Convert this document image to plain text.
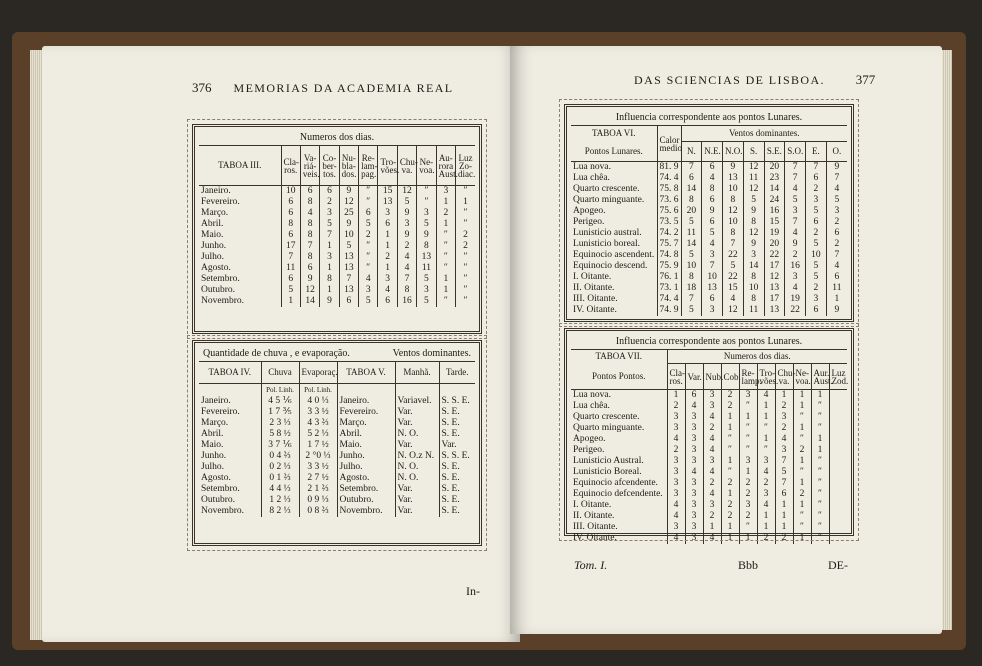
376 MEMORIAS DA ACADEMIA REAL
Numeros dos dias.
TABOA III.	Cla- ros.	Va- riá- veis.	Co- ber- tos.	Nu- bla- dos.	Re- lam- pag.	Tro- vões.	Chu- va.	Ne- voa.	Au- rora Aust.	Luz Zo- diac.
Janeiro.	10	6	6	9	″	15	12	″	3	″
Fevereiro.	6	8	2	12	″	13	5	″	1	1
Março.	6	4	3	25	6	3	9	3	2	″
Abril.	8	8	5	9	5	6	3	5	1	″
Maio.	6	8	7	10	2	1	9	9	″	2
Junho.	17	7	1	5	″	1	2	8	″	2
Julho.	7	8	3	13	″	2	4	13	″	″
Agosto.	11	6	1	13	″	1	4	11	″	″
Setembro.	6	9	8	7	4	3	7	5	1	″
Outubro.	5	12	1	13	3	4	8	3	1	″
Novembro.	1	14	9	6	5	6	16	5	″	″
Quantidade de chuva , e evaporação.	Ventos dominantes.
TABOA IV.	Chuva	Evaporaç.	TABOA V.	Manhã.	Tarde.
	Pol. Linh.	Pol. Linh.			
Janeiro.	4 5 ⅙	4 0 ⅓	Janeiro.	Variavel.	S. S. E.
Fevereiro.	1 7 ⅗	3 3 ½	Fevereiro.	Var.	S. E.
Março.	2 3 ⅓	4 3 ⅔	Março.	Var.	S. E.
Abril.	5 8 ½	5 2 ⅓	Abril.	N. O.	S. E.
Maio.	3 7 ⅙	1 7 ½	Maio.	Var.	Var.
Junho.	0 4 ⅔	2 °0 ⅓	Junho.	N. O.z N.	S. S. E.
Julho.	0 2 ⅓	3 3 ½	Julho.	N. O.	S. E.
Agosto.	0 1 ⅔	2 7 ½	Agosto.	N. O.	S. E.
Setembro.	4 4 ⅓	2 1 ⅔	Setembro.	Var.	S. E.
Outubro.	1 2 ⅓	0 9 ⅓	Outubro.	Var.	S. E.
Novembro.	8 2 ⅓	0 8 ⅔	Novembro.	Var.	S. E.
In-
DAS SCIENCIAS DE LISBOA. 377
Influencia correspondente aos pontos Lunares.
TABOA VI.	Calor medio	Ventos dominantes.							
Pontos Lunares.		N.	N.E.	N.O.	S.	S.E.	S.O.	E.	O.
Lua nova.	81. 9	7	6	9	12	20	7	7	9
Lua chêa.	74. 4	6	4	13	11	23	7	6	7
Quarto crescente.	75. 8	14	8	10	12	14	4	2	4
Quarto minguante.	73. 6	8	6	8	5	24	5	3	5
Apogeo.	75. 6	20	9	12	9	16	3	5	3
Perigeo.	73. 5	5	6	10	8	15	7	6	2
Lunisticio austral.	74. 2	11	5	8	12	19	4	2	6
Lunisticio boreal.	75. 7	14	4	7	9	20	9	5	2
Equinocio ascendent.	74. 8	5	3	22	3	22	2	10	7
Equinocio descend.	75. 9	10	7	5	14	17	16	5	4
I. Oitante.	76. 1	8	10	22	8	12	3	5	6
II. Oitante.	73. 1	18	13	15	10	13	4	2	11
III. Oitante.	74. 4	7	6	4	8	17	19	3	1
IV. Oitante.	74. 9	5	3	12	11	13	22	6	9
Influencia correspondente aos pontos Lunares.
TABOA VII.	Numeros dos dias.									
Pontos Pontos.	Cla- ros.	Var.	Nub.	Cob.	Re- lamp.	Tro- vões.	Chu- va.	Ne- voa.	Aur. Aust.	Luz Zod.
Lua nova.	1	6	3	2	3	4	1	1	1	
Lua chêa.	2	4	3	2	″	1	2	1	″	
Quarto crescente.	3	3	4	1	1	1	3	″	″	
Quarto minguante.	3	3	2	1	″	″	2	1	″	
Apogeo.	4	3	4	″	″	1	4	″	1	
Perigeo.	2	3	4	″	″	″	3	2	1	
Lunisticio Austral.	3	3	3	1	3	3	7	1	″	
Lunisticio Boreal.	3	4	4	″	1	4	5	″	″	
Equinocio afcendente.	3	3	2	2	2	2	7	1	″	
Equinocio defcendente.	3	3	4	1	2	3	6	2	″	
I. Oitante.	4	3	3	2	3	4	1	1	″	
II. Oitante.	4	3	2	2	2	1	1	″	″	
III. Oitante.	3	3	1	1	″	1	1	″	″	
IV. Oitante.	4	3	4	1	1	2	2	1	″	
Tom. I.	Bbb	DE-
